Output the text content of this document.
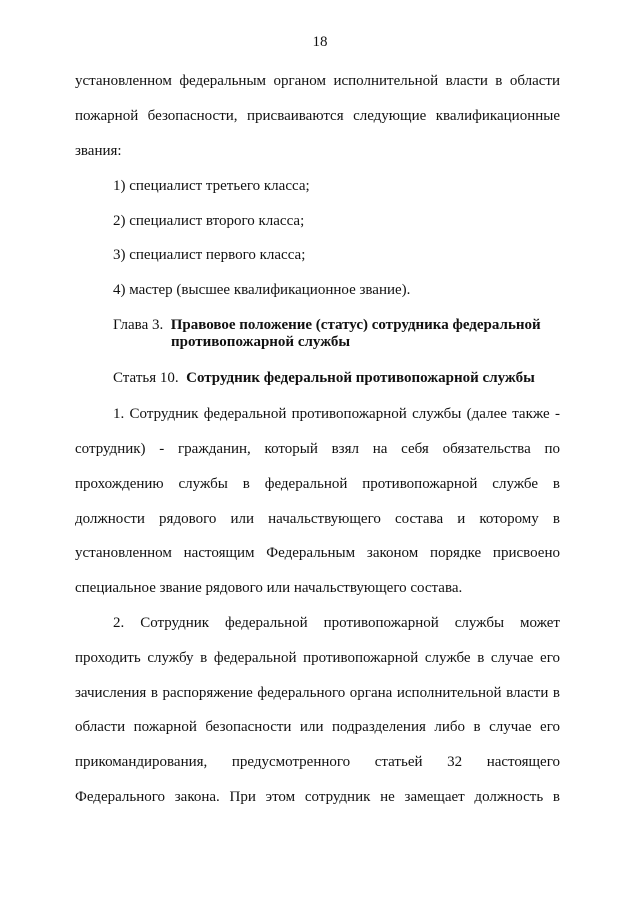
18
установленном федеральным органом исполнительной власти в области
пожарной безопасности, присваиваются следующие квалификационные
звания:
1) специалист третьего класса;
2) специалист второго класса;
3) специалист первого класса;
4) мастер (высшее квалификационное звание).
Глава 3. Правовое положение (статус) сотрудника федеральной
противопожарной службы
Статья 10. Сотрудник федеральной противопожарной службы
1. Сотрудник федеральной противопожарной службы (далее также -
сотрудник) - гражданин, который взял на себя обязательства по
прохождению службы в федеральной противопожарной службе в
должности рядового или начальствующего состава и которому в
установленном настоящим Федеральным законом порядке присвоено
специальное звание рядового или начальствующего состава.
2. Сотрудник федеральной противопожарной службы может
проходить службу в федеральной противопожарной службе в случае его
зачисления в распоряжение федерального органа исполнительной власти в
области пожарной безопасности или подразделения либо в случае его
прикомандирования, предусмотренного статьей 32 настоящего
Федерального закона. При этом сотрудник не замещает должность в
